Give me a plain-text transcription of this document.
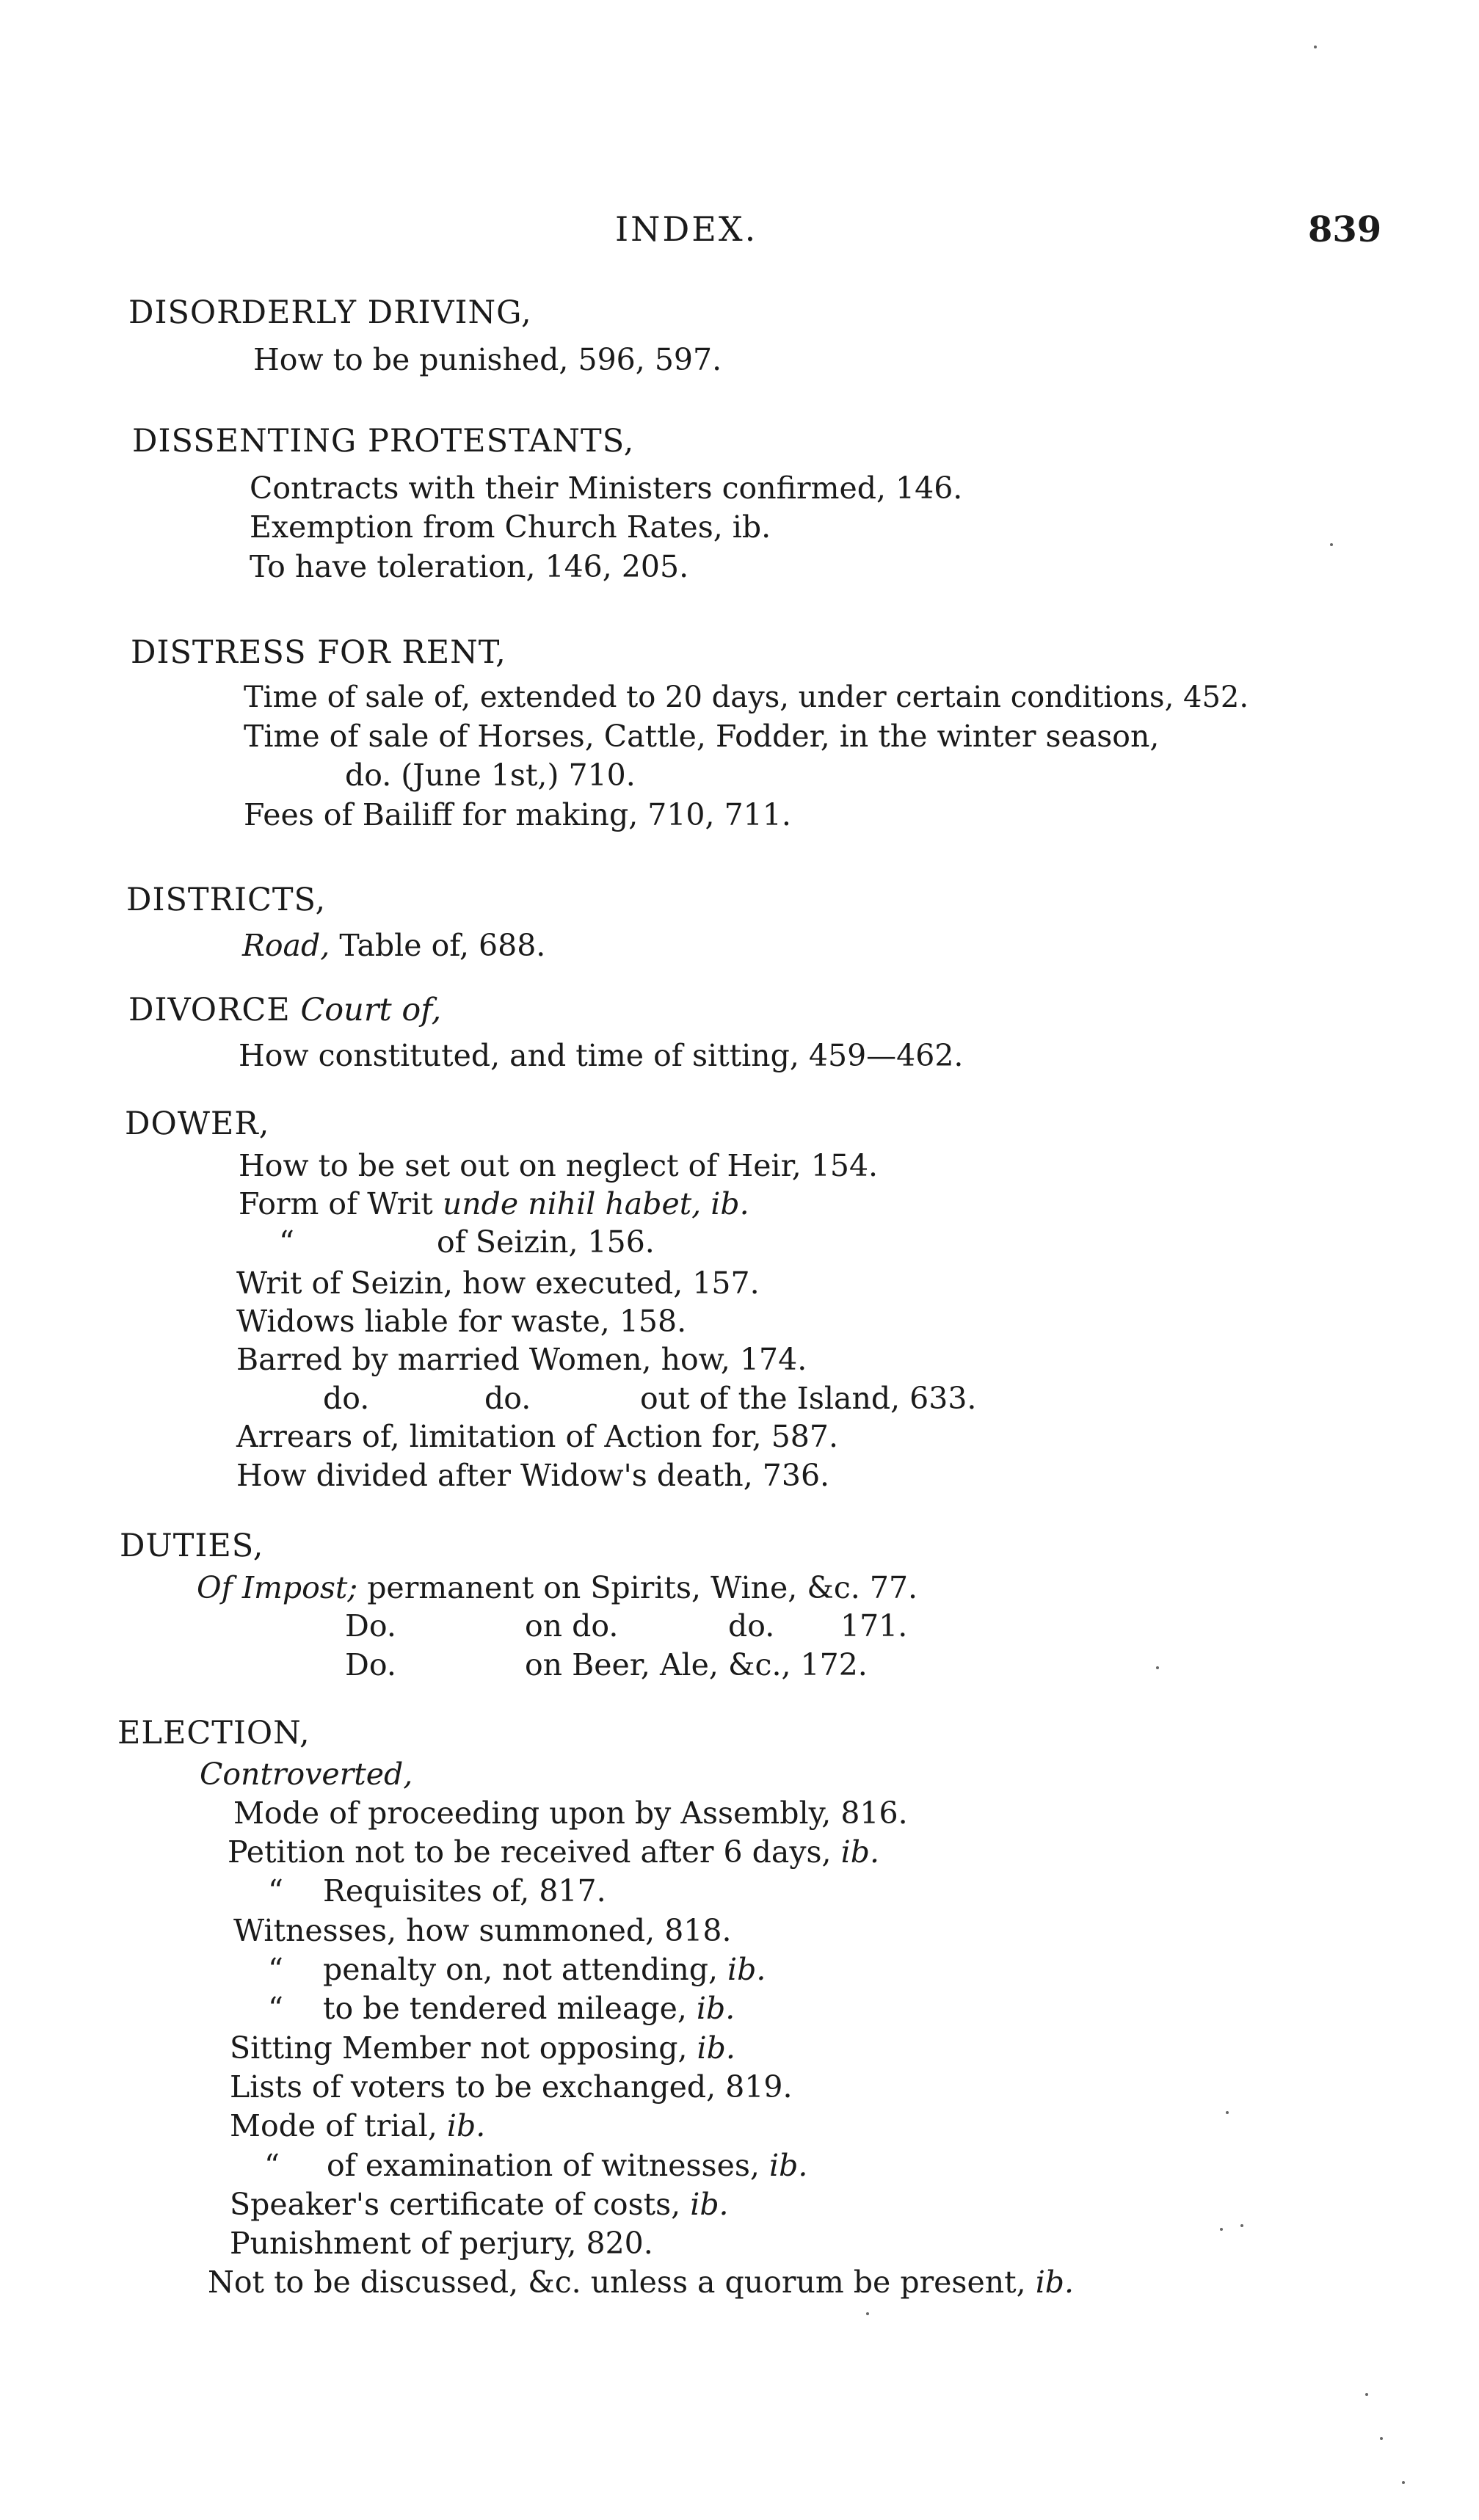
INDEX.	839
DISORDERLY DRIVING,
How to be punished, 596, 597.
DISSENTING PROTESTANTS,
Contracts with their Ministers confirmed, 146.
Exemption from Church Rates, ib.
To have toleration, 146, 205.
DISTRESS FOR RENT,
Time of sale of, extended to 20 days, under certain conditions, 452.
Time of sale of Horses, Cattle, Fodder, in the winter season,
do. (June 1st,) 710.
Fees of Bailiff for making, 710, 711.
DISTRICTS,
Road, Table of, 688.
DIVORCE Court of,
How constituted, and time of sitting, 459—462.
DOWER,
How to be set out on neglect of Heir, 154.
Form of Writ unde nihil habet, ib.
“	of Seizin, 156.
Writ of Seizin, how executed, 157.
Widows liable for waste, 158.
Barred by married Women, how, 174.
do.	do.	out of the Island, 633.
Arrears of, limitation of Action for, 587.
How divided after Widow's death, 736.
DUTIES,
Of Impost; permanent on Spirits, Wine, &c. 77.
Do.	on do.	do. 171.
Do.	on Beer, Ale, &c., 172.
ELECTION,
Controverted,
Mode of proceeding upon by Assembly, 816.
Petition not to be received after 6 days, ib.
“ Requisites of, 817.
Witnesses, how summoned, 818.
“ penalty on, not attending, ib.
“ to be tendered mileage, ib.
Sitting Member not opposing, ib.
Lists of voters to be exchanged, 819.
Mode of trial, ib.
“ of examination of witnesses, ib.
Speaker's certificate of costs, ib.
Punishment of perjury, 820.
Not to be discussed, &c. unless a quorum be present, ib.
